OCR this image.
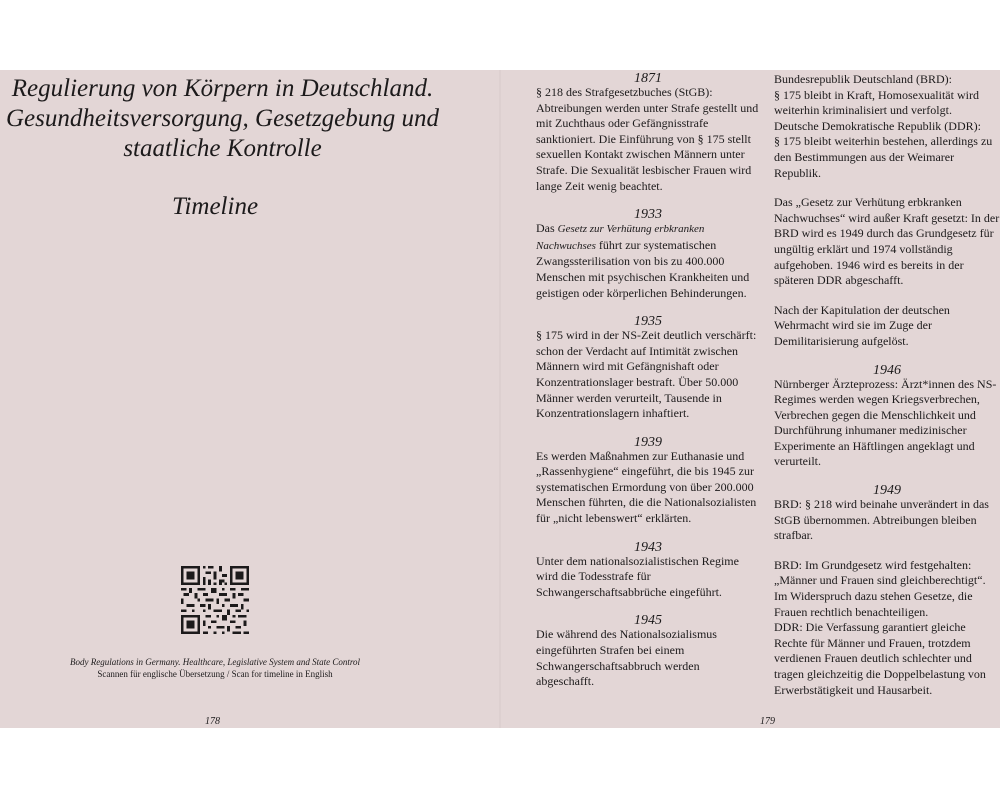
Regulierung von Körpern in Deutschland.
Gesundheitsversorgung, Gesetzgebung und
staatliche Kontrolle
Timeline
Body Regulations in Germany. Healthcare, Legislative System and State Control
Scannen für englische Übersetzung / Scan for timeline in English
178
1871

§ 218 des Strafgesetzbuches (StGB): Abtreibungen werden unter Strafe gestellt und mit Zuchthaus oder Gefängnisstrafe sanktioniert. Die Einführung von § 175 stellt sexuellen Kontakt zwischen Männern unter Strafe. Die Sexualität lesbischer Frauen wird lange Zeit wenig beachtet.

1933

Das Gesetz zur Verhütung erbkranken Nachwuchses führt zur systematischen Zwangssterilisation von bis zu 400.000 Menschen mit psychischen Krankheiten und geistigen oder körperlichen Behinderungen.

1935

§ 175 wird in der NS-Zeit deutlich verschärft: schon der Verdacht auf Intimität zwischen Männern wird mit Gefängnishaft oder Konzentrationslager bestraft. Über 50.000 Männer werden verurteilt, Tausende in Konzentrationslagern inhaftiert.

1939

Es werden Maßnahmen zur Euthanasie und „Rassenhygiene“ eingeführt, die bis 1945 zur systematischen Ermordung von über 200.000 Menschen führten, die die Nationalsozialisten für „nicht lebenswert“ erklärten.

1943

Unter dem nationalsozialistischen Regime wird die Todesstrafe für Schwangerschaftsabbrüche eingeführt.

1945

Die während des Nationalsozialismus eingeführten Strafen bei einem Schwangerschaftsabbruch werden abgeschafft.

Bundesrepublik Deutschland (BRD):
§ 175 bleibt in Kraft, Homosexualität wird weiterhin kriminalisiert und verfolgt.
Deutsche Demokratische Republik (DDR):
§ 175 bleibt weiterhin bestehen, allerdings zu den Bestimmungen aus der Weimarer Republik.

Das „Gesetz zur Verhütung erbkranken Nachwuchses“ wird außer Kraft gesetzt: In der BRD wird es 1949 durch das Grundgesetz für ungültig erklärt und 1974 vollständig aufgehoben. 1946 wird es bereits in der späteren DDR abgeschafft.

Nach der Kapitulation der deutschen Wehrmacht wird sie im Zuge der Demilitarisierung aufgelöst.

1946

Nürnberger Ärzteprozess: Ärzt*innen des NS-Regimes werden wegen Kriegsverbrechen, Verbrechen gegen die Menschlichkeit und Durchführung inhumaner medizinischer Experimente an Häftlingen angeklagt und verurteilt.

1949

BRD: § 218 wird beinahe unverändert in das StGB übernommen. Abtreibungen bleiben strafbar.

BRD: Im Grundgesetz wird festgehalten: „Männer und Frauen sind gleichberechtigt“. Im Widerspruch dazu stehen Gesetze, die Frauen rechtlich benachteiligen.
DDR: Die Verfassung garantiert gleiche Rechte für Männer und Frauen, trotzdem verdienen Frauen deutlich schlechter und tragen gleichzeitig die Doppelbelastung von Erwerbstätigkeit und Hausarbeit.

179
